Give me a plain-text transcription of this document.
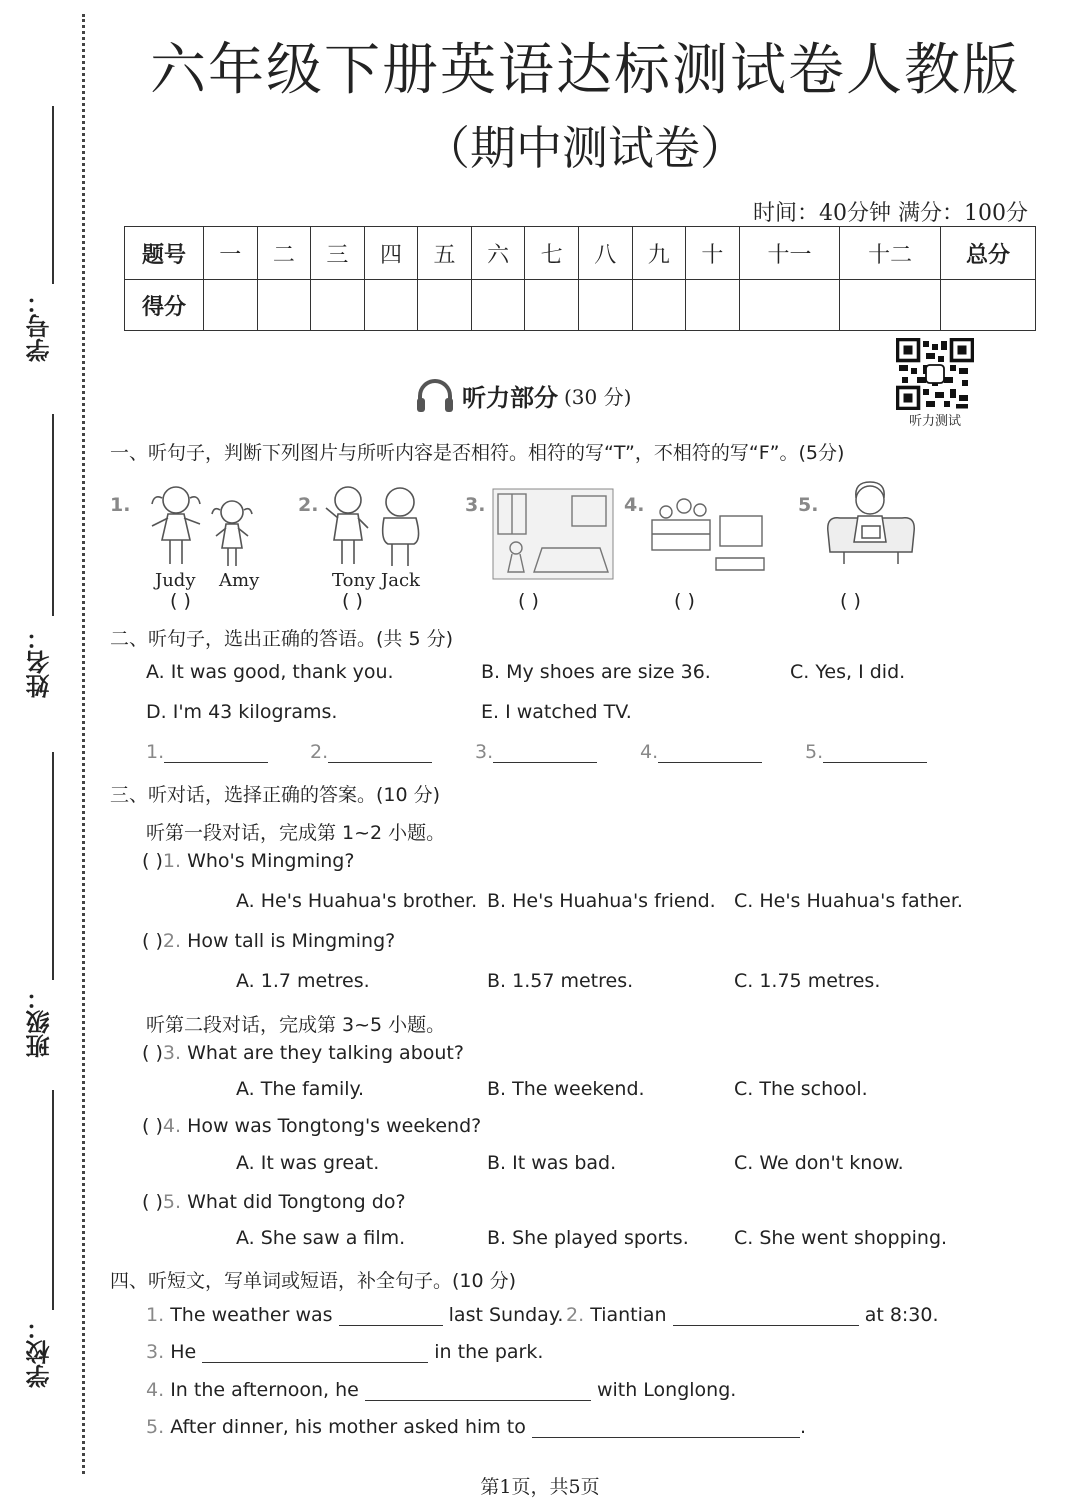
学号：
姓名：
班级：
学校：
六年级下册英语达标测试卷人教版
（期中测试卷）
时间：40分钟 满分：100分
题号	一	二	三	四	五	六	七	八	九	十	十一	十二	总分
得分													
听力测试
听力部分 (30 分)
一、听句子，判断下列图片与所听内容是否相符。相符的写“T”，不相符的写“F”。(5分)
1.
Judy Amy
( )
2.
Tony Jack
( )
3.
( )
4.
( )
5.
( )
二、听句子，选出正确的答语。(共 5 分)
A. It was good, thank you.	B. My shoes are size 36.	C. Yes, I did.
D. I'm 43 kilograms.	E. I watched TV.
1.	2.	3.	4.	5.
三、听对话，选择正确的答案。(10 分)
听第一段对话，完成第 1~2 小题。
( )1. Who's Mingming?
A. He's Huahua's brother. B. He's Huahua's friend. C. He's Huahua's father.
( )2. How tall is Mingming?
A. 1.7 metres.	B. 1.57 metres.	C. 1.75 metres.
听第二段对话，完成第 3~5 小题。
( )3. What are they talking about?
A. The family.	B. The weekend.	C. The school.
( )4. How was Tongtong's weekend?
A. It was great.	B. It was bad.	C. We don't know.
( )5. What did Tongtong do?
A. She saw a film.	B. She played sports. C. She went shopping.
四、听短文，写单词或短语，补全句子。(10 分)
1. The weather was	last Sunday. 2. Tiantian	at 8:30.
3. He	in the park.
4. In the afternoon, he	with Longlong.
5. After dinner, his mother asked him to	.
第1页，共5页
